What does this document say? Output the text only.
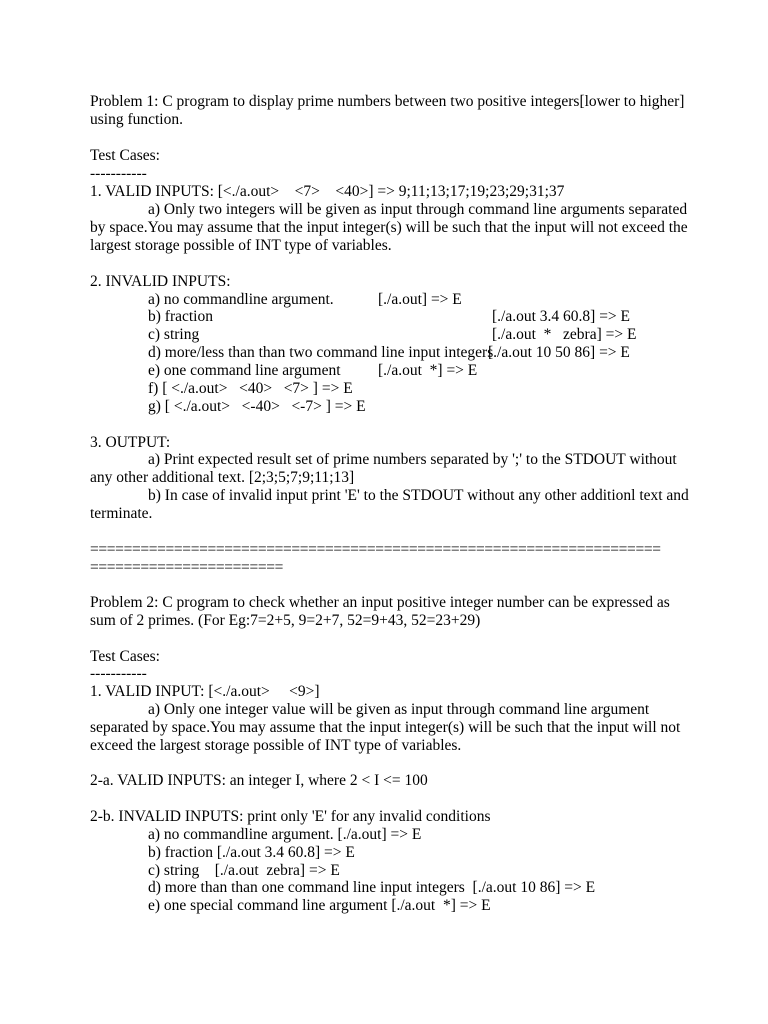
Problem 1: C program to display prime numbers between two positive integers[lower to higher]

using function.

Test Cases:

-----------

1. VALID INPUTS: [<./a.out>    <7>    <40>] => 9;11;13;17;19;23;29;31;37

a) Only two integers will be given as input through command line arguments separated

by space.You may assume that the input integer(s) will be such that the input will not exceed the

largest storage possible of INT type of variables.

2. INVALID INPUTS:

a) no commandline argument.	[./a.out] => E

b) fraction	[./a.out 3.4 60.8] => E

c) string	[./a.out  *   zebra] => E

d) more/less than than two command line input integers

[./a.out 10 50 86] => E

e) one command line argument [./a.out  *] => E

f) [ <./a.out>   <40>   <7> ] => E

g) [ <./a.out>   <-40>   <-7> ] => E

3. OUTPUT:

a) Print expected result set of prime numbers separated by ';' to the STDOUT without

any other additional text. [2;3;5;7;9;11;13]

b) In case of invalid input print 'E' to the STDOUT without any other additionl text and

terminate.

====================================================================

=======================

Problem 2: C program to check whether an input positive integer number can be expressed as

sum of 2 primes. (For Eg:7=2+5, 9=2+7, 52=9+43, 52=23+29)

Test Cases:

-----------

1. VALID INPUT: [<./a.out>     <9>]

a) Only one integer value will be given as input through command line argument

separated by space.You may assume that the input integer(s) will be such that the input will not

exceed the largest storage possible of INT type of variables.

2-a. VALID INPUTS: an integer I, where 2 < I <= 100

2-b. INVALID INPUTS: print only 'E' for any invalid conditions

a) no commandline argument. [./a.out] => E

b) fraction [./a.out 3.4 60.8] => E

c) string    [./a.out  zebra] => E

d) more than than one command line input integers  [./a.out 10 86] => E

e) one special command line argument [./a.out  *] => E
